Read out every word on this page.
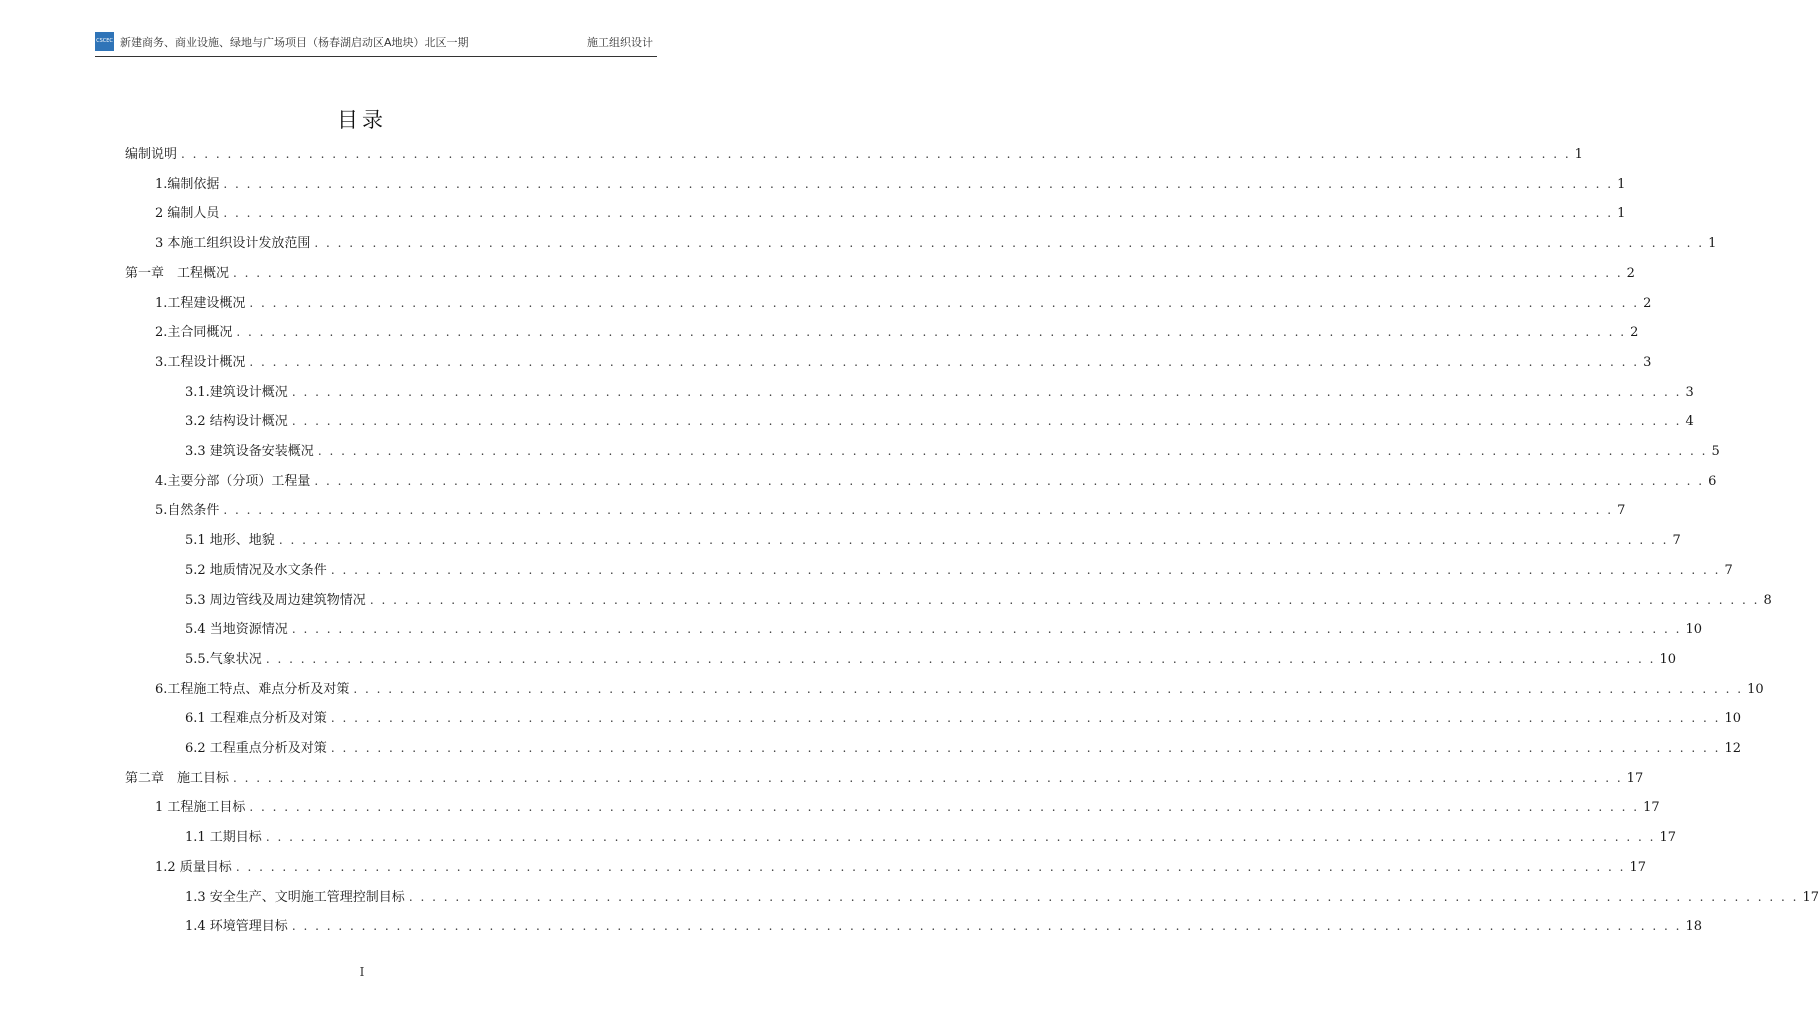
CSCEC 新建商务、商业设施、绿地与广场项目（杨春湖启动区A地块）北区一期	施工组织设计
目录
编制说明 . . . . . . . . . . . . . . . . . . . . . . . . . . . . . . . . . . . . . . . . . . . . . . . . . . . . . . . . . . . . . . . . . . . . . . . . . . . . . . . . . . . . . . . . . . . . . . . . . . . . . . . . . . . . . . . . . . . . . . . . 1
1.编制依据 . . . . . . . . . . . . . . . . . . . . . . . . . . . . . . . . . . . . . . . . . . . . . . . . . . . . . . . . . . . . . . . . . . . . . . . . . . . . . . . . . . . . . . . . . . . . . . . . . . . . . . . . . . . . . . . . . . . . . . . . 1
2 编制人员 . . . . . . . . . . . . . . . . . . . . . . . . . . . . . . . . . . . . . . . . . . . . . . . . . . . . . . . . . . . . . . . . . . . . . . . . . . . . . . . . . . . . . . . . . . . . . . . . . . . . . . . . . . . . . . . . . . . . . . . . 1
3 本施工组织设计发放范围 . . . . . . . . . . . . . . . . . . . . . . . . . . . . . . . . . . . . . . . . . . . . . . . . . . . . . . . . . . . . . . . . . . . . . . . . . . . . . . . . . . . . . . . . . . . . . . . . . . . . . . . . . . . . . . . . . . . . . . . . 1
第一章　工程概况 . . . . . . . . . . . . . . . . . . . . . . . . . . . . . . . . . . . . . . . . . . . . . . . . . . . . . . . . . . . . . . . . . . . . . . . . . . . . . . . . . . . . . . . . . . . . . . . . . . . . . . . . . . . . . . . . . . . . . . . . 2
1.工程建设概况 . . . . . . . . . . . . . . . . . . . . . . . . . . . . . . . . . . . . . . . . . . . . . . . . . . . . . . . . . . . . . . . . . . . . . . . . . . . . . . . . . . . . . . . . . . . . . . . . . . . . . . . . . . . . . . . . . . . . . . . . 2
2.主合同概况 . . . . . . . . . . . . . . . . . . . . . . . . . . . . . . . . . . . . . . . . . . . . . . . . . . . . . . . . . . . . . . . . . . . . . . . . . . . . . . . . . . . . . . . . . . . . . . . . . . . . . . . . . . . . . . . . . . . . . . . . 2
3.工程设计概况 . . . . . . . . . . . . . . . . . . . . . . . . . . . . . . . . . . . . . . . . . . . . . . . . . . . . . . . . . . . . . . . . . . . . . . . . . . . . . . . . . . . . . . . . . . . . . . . . . . . . . . . . . . . . . . . . . . . . . . . . 3
3.1.建筑设计概况 . . . . . . . . . . . . . . . . . . . . . . . . . . . . . . . . . . . . . . . . . . . . . . . . . . . . . . . . . . . . . . . . . . . . . . . . . . . . . . . . . . . . . . . . . . . . . . . . . . . . . . . . . . . . . . . . . . . . . . . . 3
3.2 结构设计概况 . . . . . . . . . . . . . . . . . . . . . . . . . . . . . . . . . . . . . . . . . . . . . . . . . . . . . . . . . . . . . . . . . . . . . . . . . . . . . . . . . . . . . . . . . . . . . . . . . . . . . . . . . . . . . . . . . . . . . . . . 4
3.3 建筑设备安装概况 . . . . . . . . . . . . . . . . . . . . . . . . . . . . . . . . . . . . . . . . . . . . . . . . . . . . . . . . . . . . . . . . . . . . . . . . . . . . . . . . . . . . . . . . . . . . . . . . . . . . . . . . . . . . . . . . . . . . . . . . 5
4.主要分部（分项）工程量 . . . . . . . . . . . . . . . . . . . . . . . . . . . . . . . . . . . . . . . . . . . . . . . . . . . . . . . . . . . . . . . . . . . . . . . . . . . . . . . . . . . . . . . . . . . . . . . . . . . . . . . . . . . . . . . . . . . . . . . . 6
5.自然条件 . . . . . . . . . . . . . . . . . . . . . . . . . . . . . . . . . . . . . . . . . . . . . . . . . . . . . . . . . . . . . . . . . . . . . . . . . . . . . . . . . . . . . . . . . . . . . . . . . . . . . . . . . . . . . . . . . . . . . . . . 7
5.1 地形、地貌 . . . . . . . . . . . . . . . . . . . . . . . . . . . . . . . . . . . . . . . . . . . . . . . . . . . . . . . . . . . . . . . . . . . . . . . . . . . . . . . . . . . . . . . . . . . . . . . . . . . . . . . . . . . . . . . . . . . . . . . . 7
5.2 地质情况及水文条件 . . . . . . . . . . . . . . . . . . . . . . . . . . . . . . . . . . . . . . . . . . . . . . . . . . . . . . . . . . . . . . . . . . . . . . . . . . . . . . . . . . . . . . . . . . . . . . . . . . . . . . . . . . . . . . . . . . . . . . . . 7
5.3 周边管线及周边建筑物情况 . . . . . . . . . . . . . . . . . . . . . . . . . . . . . . . . . . . . . . . . . . . . . . . . . . . . . . . . . . . . . . . . . . . . . . . . . . . . . . . . . . . . . . . . . . . . . . . . . . . . . . . . . . . . . . . . . . . . . . . . 8
5.4 当地资源情况 . . . . . . . . . . . . . . . . . . . . . . . . . . . . . . . . . . . . . . . . . . . . . . . . . . . . . . . . . . . . . . . . . . . . . . . . . . . . . . . . . . . . . . . . . . . . . . . . . . . . . . . . . . . . . . . . . . . . . . . . 10
5.5.气象状况 . . . . . . . . . . . . . . . . . . . . . . . . . . . . . . . . . . . . . . . . . . . . . . . . . . . . . . . . . . . . . . . . . . . . . . . . . . . . . . . . . . . . . . . . . . . . . . . . . . . . . . . . . . . . . . . . . . . . . . . . 10
6.工程施工特点、难点分析及对策 . . . . . . . . . . . . . . . . . . . . . . . . . . . . . . . . . . . . . . . . . . . . . . . . . . . . . . . . . . . . . . . . . . . . . . . . . . . . . . . . . . . . . . . . . . . . . . . . . . . . . . . . . . . . . . . . . . . . . . . . 10
6.1 工程难点分析及对策 . . . . . . . . . . . . . . . . . . . . . . . . . . . . . . . . . . . . . . . . . . . . . . . . . . . . . . . . . . . . . . . . . . . . . . . . . . . . . . . . . . . . . . . . . . . . . . . . . . . . . . . . . . . . . . . . . . . . . . . . 10
6.2 工程重点分析及对策 . . . . . . . . . . . . . . . . . . . . . . . . . . . . . . . . . . . . . . . . . . . . . . . . . . . . . . . . . . . . . . . . . . . . . . . . . . . . . . . . . . . . . . . . . . . . . . . . . . . . . . . . . . . . . . . . . . . . . . . . 12
第二章　施工目标 . . . . . . . . . . . . . . . . . . . . . . . . . . . . . . . . . . . . . . . . . . . . . . . . . . . . . . . . . . . . . . . . . . . . . . . . . . . . . . . . . . . . . . . . . . . . . . . . . . . . . . . . . . . . . . . . . . . . . . . . 17
1 工程施工目标 . . . . . . . . . . . . . . . . . . . . . . . . . . . . . . . . . . . . . . . . . . . . . . . . . . . . . . . . . . . . . . . . . . . . . . . . . . . . . . . . . . . . . . . . . . . . . . . . . . . . . . . . . . . . . . . . . . . . . . . . 17
1.1 工期目标 . . . . . . . . . . . . . . . . . . . . . . . . . . . . . . . . . . . . . . . . . . . . . . . . . . . . . . . . . . . . . . . . . . . . . . . . . . . . . . . . . . . . . . . . . . . . . . . . . . . . . . . . . . . . . . . . . . . . . . . . 17
1.2 质量目标 . . . . . . . . . . . . . . . . . . . . . . . . . . . . . . . . . . . . . . . . . . . . . . . . . . . . . . . . . . . . . . . . . . . . . . . . . . . . . . . . . . . . . . . . . . . . . . . . . . . . . . . . . . . . . . . . . . . . . . . . 17
1.3 安全生产、文明施工管理控制目标 . . . . . . . . . . . . . . . . . . . . . . . . . . . . . . . . . . . . . . . . . . . . . . . . . . . . . . . . . . . . . . . . . . . . . . . . . . . . . . . . . . . . . . . . . . . . . . . . . . . . . . . . . . . . . . . . . . . . . . . . 17
1.4 环境管理目标 . . . . . . . . . . . . . . . . . . . . . . . . . . . . . . . . . . . . . . . . . . . . . . . . . . . . . . . . . . . . . . . . . . . . . . . . . . . . . . . . . . . . . . . . . . . . . . . . . . . . . . . . . . . . . . . . . . . . . . . . 18
I
